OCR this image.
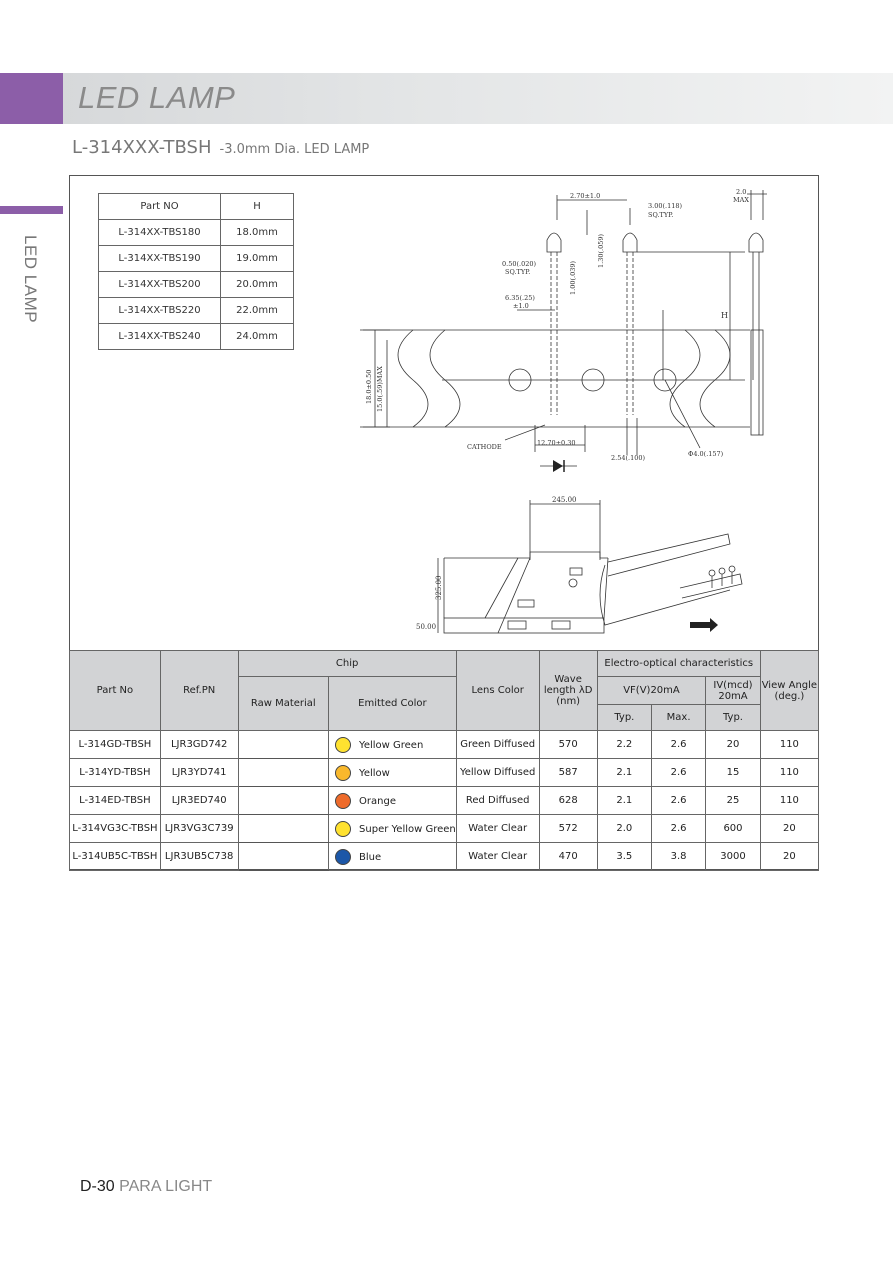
LED LAMP
L-314XXX-TBSH -3.0mm Dia. LED LAMP
LED LAMP
Part NO	H
L-314XX-TBS180	18.0mm
L-314XX-TBS190	19.0mm
L-314XX-TBS200	20.0mm
L-314XX-TBS220	22.0mm
L-314XX-TBS240	24.0mm
2.70±1.0
3.00(.118)
SQ.TYP.
2.0
MAX
0.50(.020)
SQ.TYP.
6.35(.25)
±1.0
H
CATHODE	12.70±0.30
2.54(.100)	Φ4.0(.157)
1.30(.059)
1.00(.039)
18.0±0.50 15.0(.59)MAX
245.00
325.00
50.00
Part No	Ref.PN	Chip		Lens Color	Wave length λD (nm)	Electro-optical characteristics			View Angle (deg.)
		Raw Material	Emitted Color			VF(V)20mA		IV(mcd) 20mA	
						Typ.	Max.	Typ.	
L-314GD-TBSH	LJR3GD742		Yellow Green	Green Diffused	570	2.2	2.6	20	110
L-314YD-TBSH	LJR3YD741		Yellow	Yellow Diffused	587	2.1	2.6	15	110
L-314ED-TBSH	LJR3ED740		Orange	Red Diffused	628	2.1	2.6	25	110
L-314VG3C-TBSH	LJR3VG3C739		Super Yellow Green	Water Clear	572	2.0	2.6	600	20
L-314UB5C-TBSH	LJR3UB5C738		Blue	Water Clear	470	3.5	3.8	3000	20
D-30 PARA LIGHT
